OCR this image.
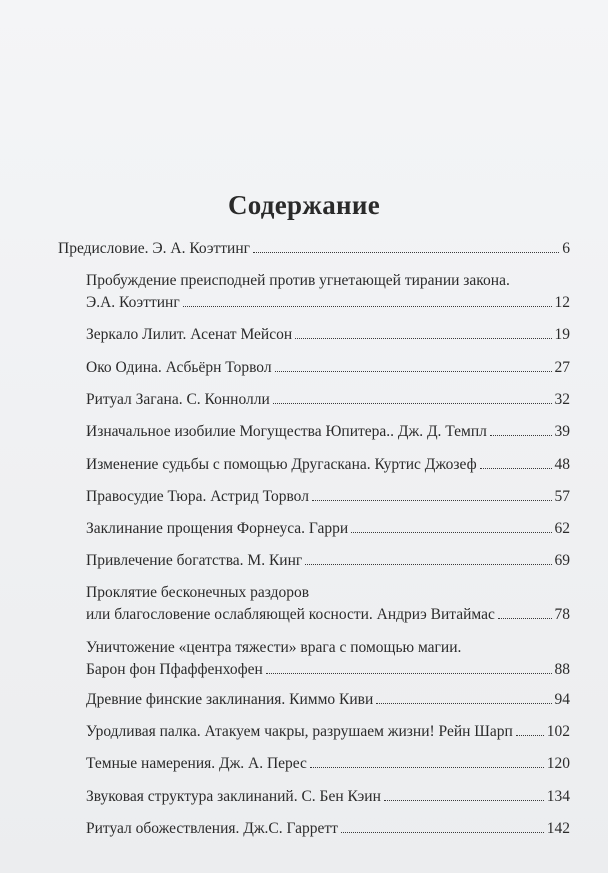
Содержание
Предисловие. Э. А. Коэттинг	6
Пробуждение преисподней против угнетающей тирании закона.
Э.А. Коэттинг	12
Зеркало Лилит. Асенат Мейсон	19
Око Одина. Асбьёрн Торвол	27
Ритуал Загана. С. Коннолли	32
Изначальное изобилие Могущества Юпитера.. Дж. Д. Темпл	39
Изменение судьбы с помощью Другаскана. Куртис Джозеф	48
Правосудие Тюра. Астрид Торвол	57
Заклинание прощения Форнеуса. Гарри	62
Привлечение богатства. М. Кинг	69
Проклятие бесконечных раздоров
или благословение ослабляющей косности. Андриэ Витаймас	78
Уничтожение «центра тяжести» врага с помощью магии.
Барон фон Пфаффенхофен	88
Древние финские заклинания. Киммо Киви	94
Уродливая палка. Атакуем чакры, разрушаем жизни! Рейн Шарп 102
Темные намерения. Дж. А. Перес	120
Звуковая структура заклинаний. С. Бен Кэин	134
Ритуал обожествления. Дж.С. Гарретт	142
